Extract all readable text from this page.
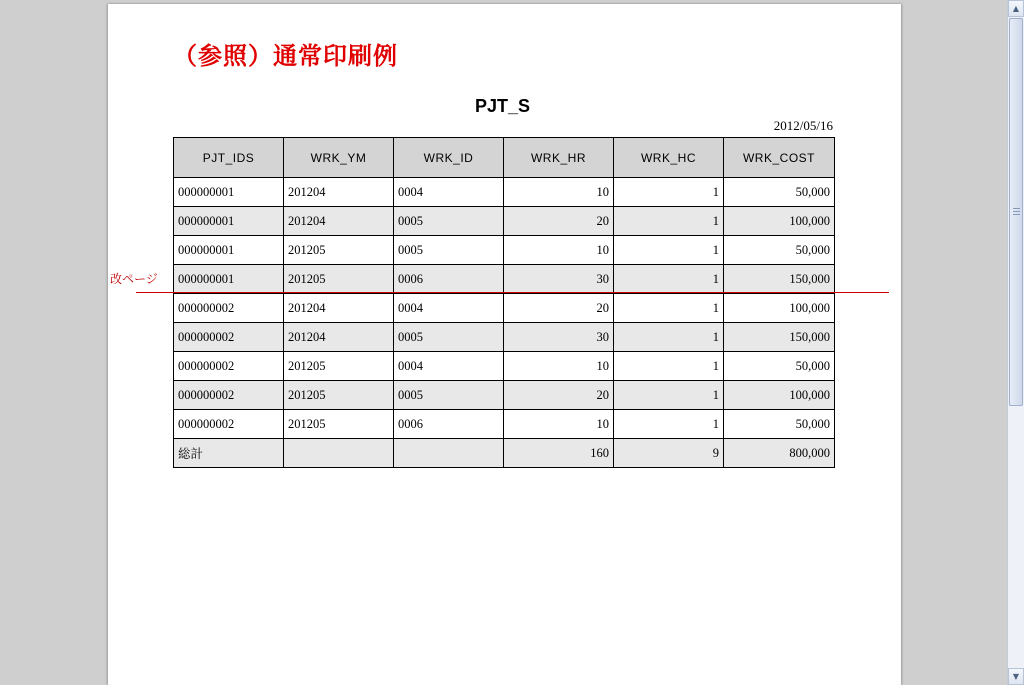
（参照）通常印刷例
PJT_S
2012/05/16
PJT_IDS	WRK_YM	WRK_ID	WRK_HR	WRK_HC	WRK_COST
000000001	201204	0004	10	1	50,000
000000001	201204	0005	20	1	100,000
000000001	201205	0005	10	1	50,000
000000001	201205	0006	30	1	150,000
000000002	201204	0004	20	1	100,000
000000002	201204	0005	30	1	150,000
000000002	201205	0004	10	1	50,000
000000002	201205	0005	20	1	100,000
000000002	201205	0006	10	1	50,000
総計			160	9	800,000
改ページ
▲
▼
